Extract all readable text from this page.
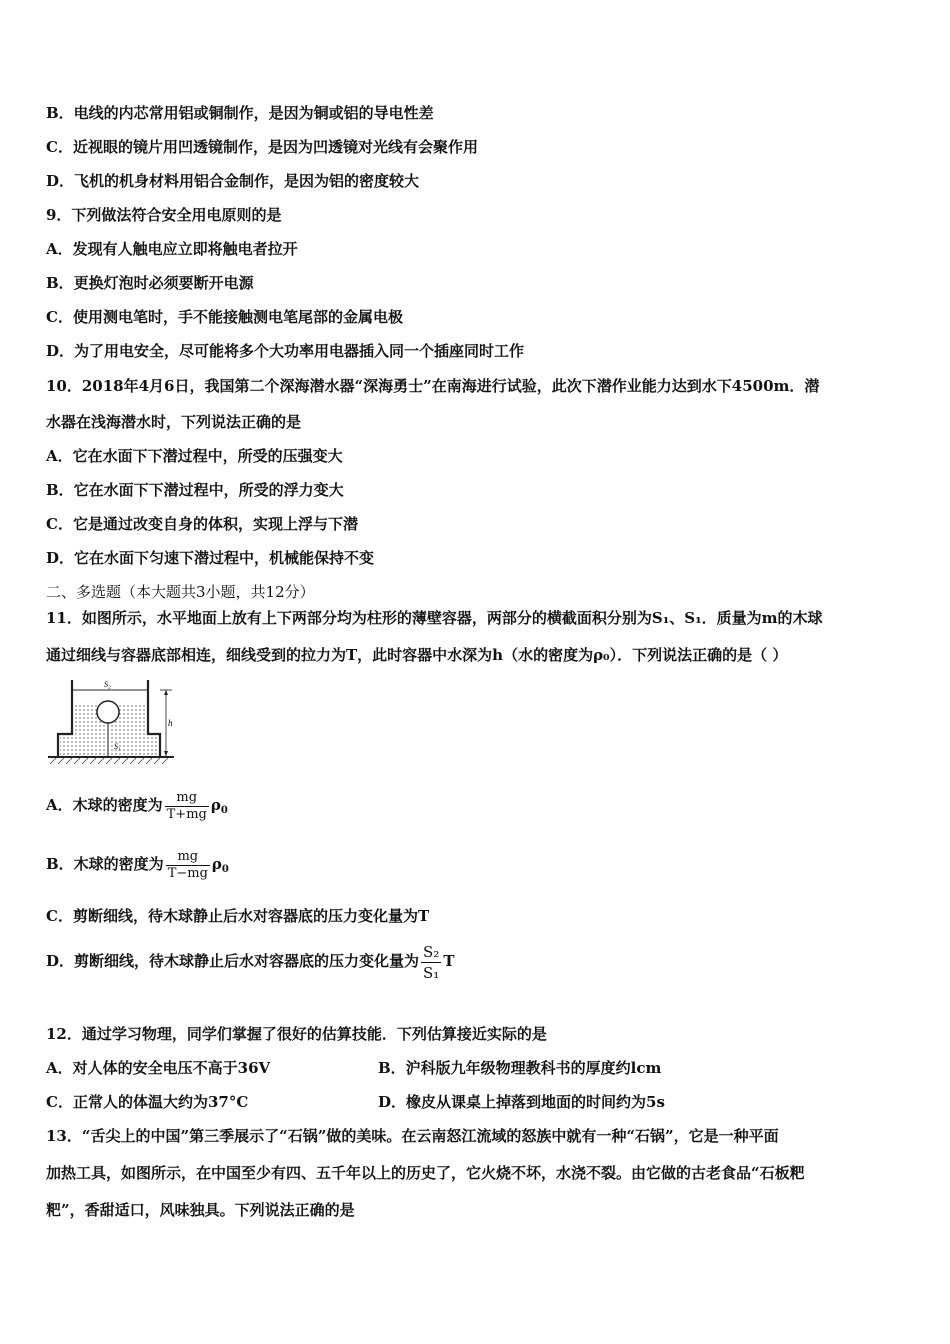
B．电线的内芯常用铝或铜制作，是因为铜或铝的导电性差
C．近视眼的镜片用凹透镜制作，是因为凹透镜对光线有会聚作用
D．飞机的机身材料用铝合金制作，是因为铝的密度较大
9．下列做法符合安全用电原则的是
A．发现有人触电应立即将触电者拉开
B．更换灯泡时必须要断开电源
C．使用测电笔时，手不能接触测电笔尾部的金属电极
D．为了用电安全，尽可能将多个大功率用电器插入同一个插座同时工作
10．2018年4月6日，我国第二个深海潜水器“深海勇士”在南海进行试验，此次下潜作业能力达到水下4500m．潜
水器在浅海潜水时，下列说法正确的是
A．它在水面下下潜过程中，所受的压强变大
B．它在水面下下潜过程中，所受的浮力变大
C．它是通过改变自身的体积，实现上浮与下潜
D．它在水面下匀速下潜过程中，机械能保持不变
二、多选题（本大题共3小题，共12分）
11．如图所示，水平地面上放有上下两部分均为柱形的薄壁容器，两部分的横截面积分别为S₁、S₁．质量为m的木球
通过细线与容器底部相连，细线受到的拉力为T，此时容器中水深为h（水的密度为ρ₀）．下列说法正确的是（ ）
S₂
S₁
h
A．木球的密度为 $\frac{mg}{T+mg} \rho_0$
B．木球的密度为 $\frac{mg}{T-mg} \rho_0$
C．剪断细线，待木球静止后水对容器底的压力变化量为T
D．剪断细线，待木球静止后水对容器底的压力变化量为 $\frac{\text{S₂}}{\text{S₁}}$ T
12．通过学习物理，同学们掌握了很好的估算技能．下列估算接近实际的是
A．对人体的安全电压不高于36V	B．沪科版九年级物理教科书的厚度约lcm
C．正常人的体温大约为37°C	D．橡皮从课桌上掉落到地面的时间约为5s
13．“舌尖上的中国”第三季展示了“石锅”做的美味。在云南怒江流域的怒族中就有一种“石锅”，它是一种平面
加热工具，如图所示，在中国至少有四、五千年以上的历史了，它火烧不坏，水浇不裂。由它做的古老食品“石板粑
粑”，香甜适口，风味独具。下列说法正确的是
